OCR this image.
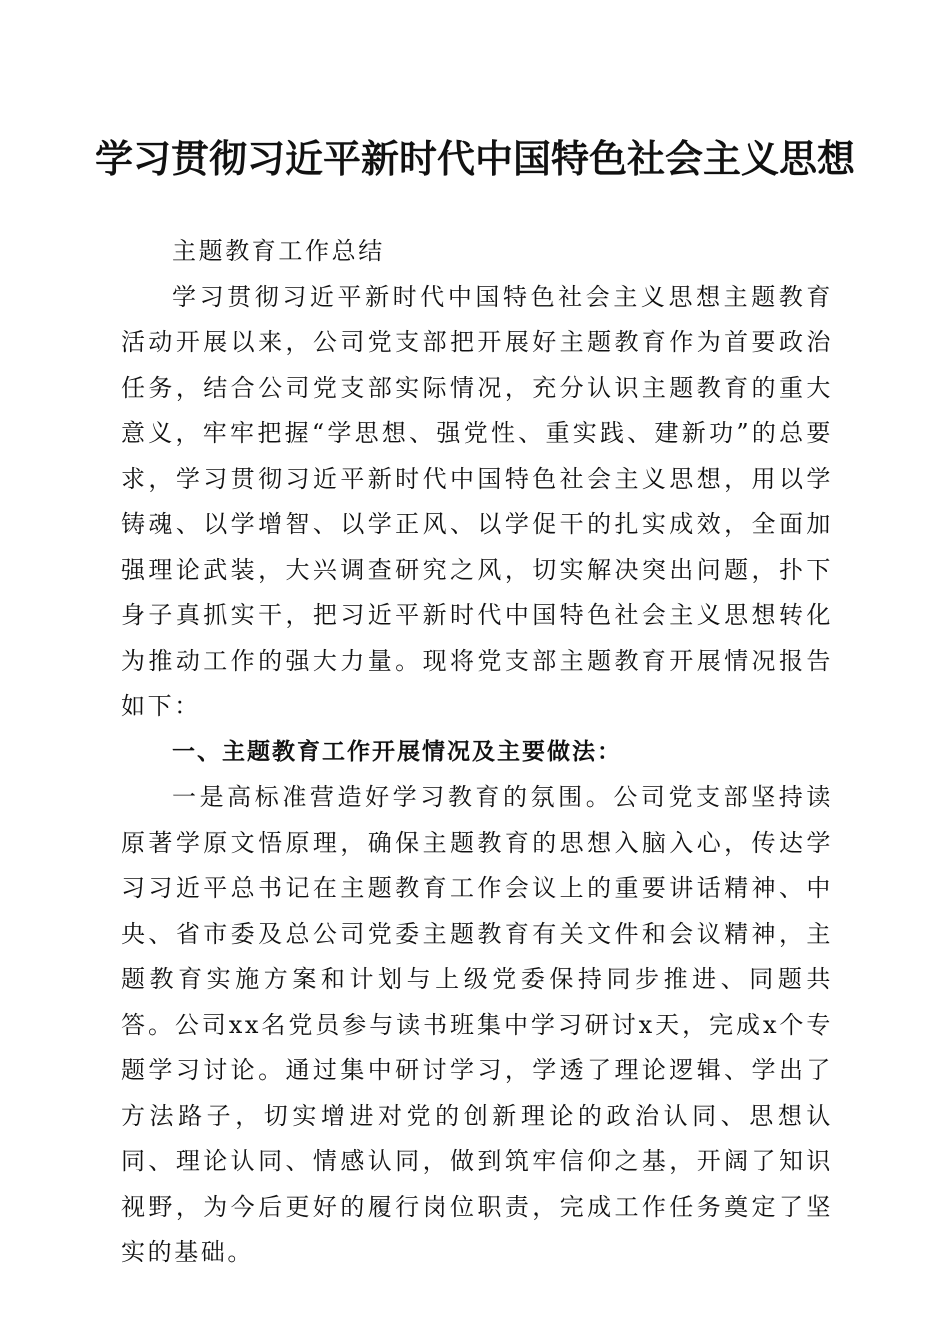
学习贯彻习近平新时代中国特色社会主义思想

主题教育工作总结

学习贯彻习近平新时代中国特色社会主义思想主题教育活动开展以来，公司党支部把开展好主题教育作为首要政治任务，结合公司党支部实际情况，充分认识主题教育的重大意义，牢牢把握“学思想、强党性、重实践、建新功”的总要求，学习贯彻习近平新时代中国特色社会主义思想，用以学铸魂、以学增智、以学正风、以学促干的扎实成效，全面加强理论武装，大兴调查研究之风，切实解决突出问题，扑下身子真抓实干，把习近平新时代中国特色社会主义思想转化为推动工作的强大力量。现将党支部主题教育开展情况报告如下：

一、主题教育工作开展情况及主要做法：

一是高标准营造好学习教育的氛围。公司党支部坚持读原著学原文悟原理，确保主题教育的思想入脑入心，传达学习习近平总书记在主题教育工作会议上的重要讲话精神、中央、省市委及总公司党委主题教育有关文件和会议精神，主题教育实施方案和计划与上级党委保持同步推进、同题共答。公司xx名党员参与读书班集中学习研讨x天，完成x个专题学习讨论。通过集中研讨学习，学透了理论逻辑、学出了方法路子，切实增进对党的创新理论的政治认同、思想认同、理论认同、情感认同，做到筑牢信仰之基，开阔了知识视野，为今后更好的履行岗位职责，完成工作任务奠定了坚实的基础。
